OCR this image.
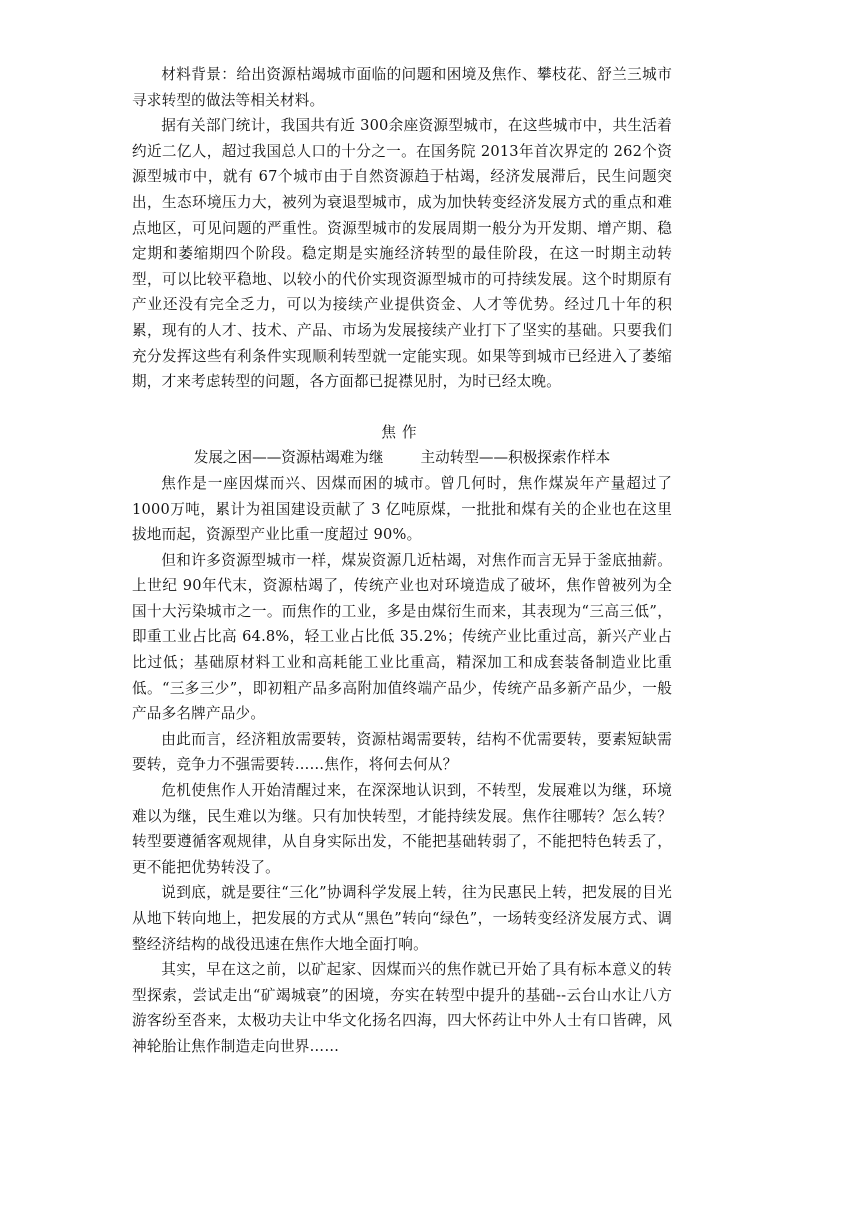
材料背景：给出资源枯竭城市面临的问题和困境及焦作、攀枝花、舒兰三城市寻求转型的做法等相关材料。

据有关部门统计，我国共有近 300余座资源型城市，在这些城市中，共生活着约近二亿人，超过我国总人口的十分之一。在国务院 2013年首次界定的 262个资源型城市中，就有 67个城市由于自然资源趋于枯竭，经济发展滞后，民生问题突出，生态环境压力大，被列为衰退型城市，成为加快转变经济发展方式的重点和难点地区，可见问题的严重性。资源型城市的发展周期一般分为开发期、增产期、稳定期和萎缩期四个阶段。稳定期是实施经济转型的最佳阶段，在这一时期主动转型，可以比较平稳地、以较小的代价实现资源型城市的可持续发展。这个时期原有产业还没有完全乏力，可以为接续产业提供资金、人才等优势。经过几十年的积累，现有的人才、技术、产品、市场为发展接续产业打下了坚实的基础。只要我们充分发挥这些有利条件实现顺利转型就一定能实现。如果等到城市已经进入了萎缩期，才来考虑转型的问题，各方面都已捉襟见肘，为时已经太晚。

焦作

发展之困——资源枯竭难为继        主动转型——积极探索作样本

焦作是一座因煤而兴、因煤而困的城市。曾几何时，焦作煤炭年产量超过了1000万吨，累计为祖国建设贡献了 3 亿吨原煤，一批批和煤有关的企业也在这里拔地而起，资源型产业比重一度超过 90%。

但和许多资源型城市一样，煤炭资源几近枯竭，对焦作而言无异于釜底抽薪。上世纪 90年代末，资源枯竭了，传统产业也对环境造成了破坏，焦作曾被列为全国十大污染城市之一。而焦作的工业，多是由煤衍生而来，其表现为“三高三低”，即重工业占比高 64.8%，轻工业占比低 35.2%；传统产业比重过高，新兴产业占比过低；基础原材料工业和高耗能工业比重高，精深加工和成套装备制造业比重低。“三多三少”，即初粗产品多高附加值终端产品少，传统产品多新产品少，一般产品多名牌产品少。

由此而言，经济粗放需要转，资源枯竭需要转，结构不优需要转，要素短缺需要转，竞争力不强需要转……焦作，将何去何从？

危机使焦作人开始清醒过来，在深深地认识到，不转型，发展难以为继，环境难以为继，民生难以为继。只有加快转型，才能持续发展。焦作往哪转？怎么转？转型要遵循客观规律，从自身实际出发，不能把基础转弱了，不能把特色转丢了，更不能把优势转没了。

说到底，就是要往“三化”协调科学发展上转，往为民惠民上转，把发展的目光从地下转向地上，把发展的方式从“黑色”转向“绿色”，一场转变经济发展方式、调整经济结构的战役迅速在焦作大地全面打响。

其实，早在这之前，以矿起家、因煤而兴的焦作就已开始了具有标本意义的转型探索，尝试走出“矿竭城衰”的困境，夯实在转型中提升的基础--云台山水让八方游客纷至沓来，太极功夫让中华文化扬名四海，四大怀药让中外人士有口皆碑，风神轮胎让焦作制造走向世界……
